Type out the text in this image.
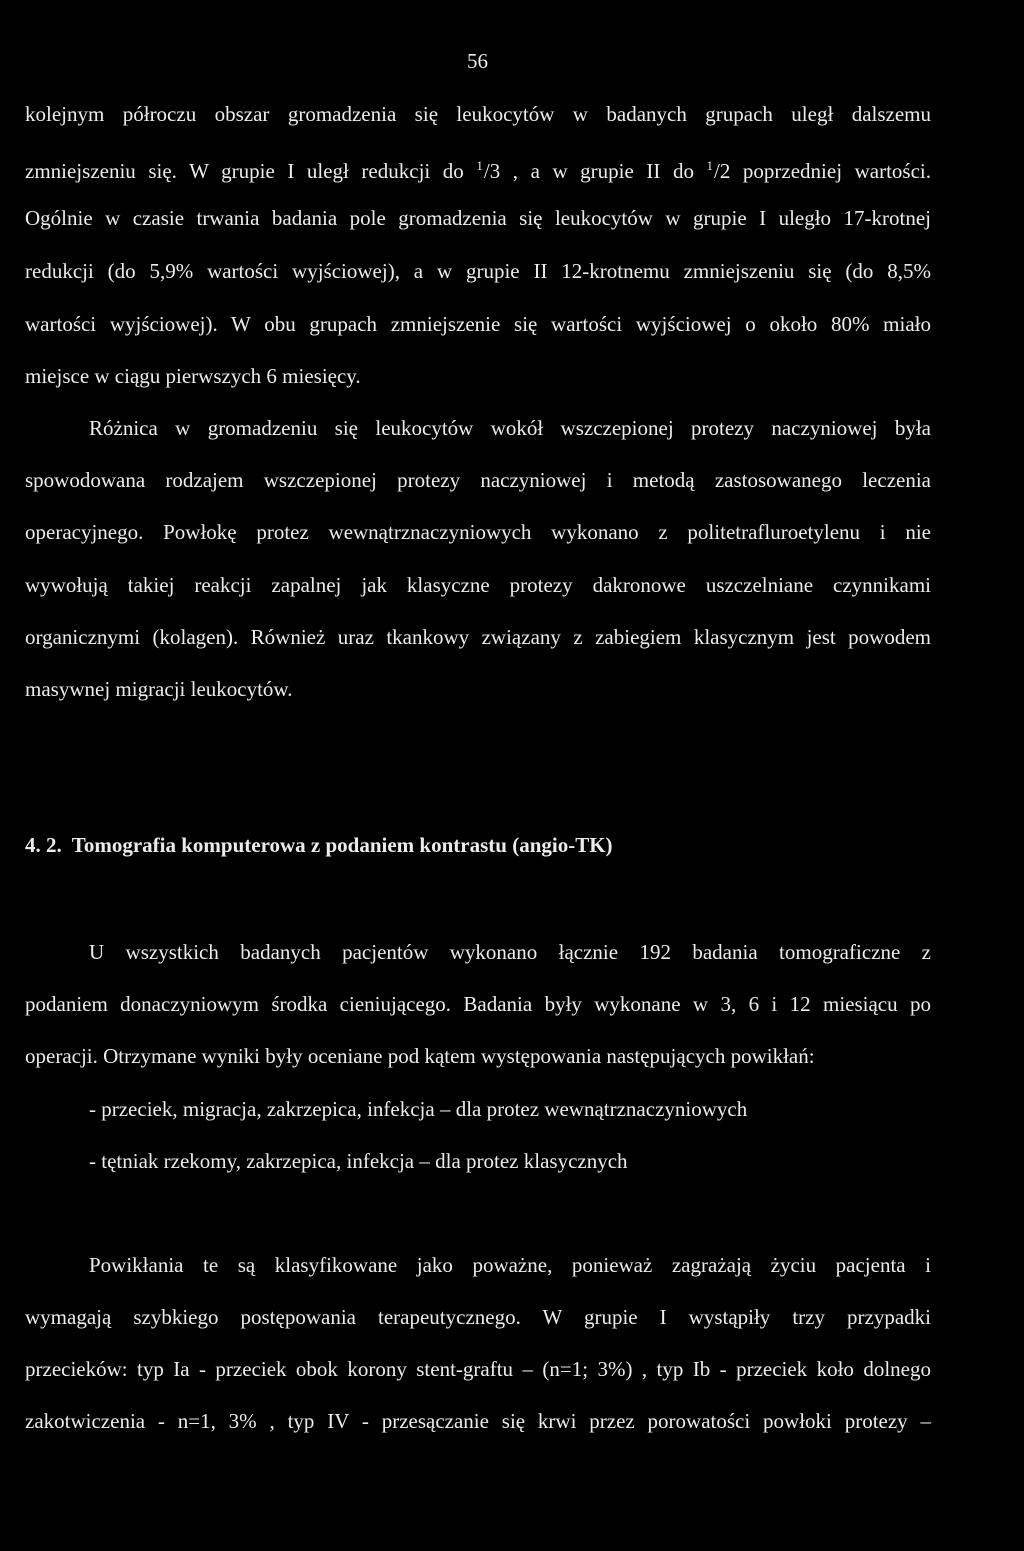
56
kolejnym półroczu obszar gromadzenia się leukocytów w badanych grupach uległ dalszemu
zmniejszeniu się. W grupie I uległ redukcji do $^1$/3 , a w grupie II do $^1$/2 poprzedniej wartości.
Ogólnie w czasie trwania badania pole gromadzenia się leukocytów w grupie I uległo 17-krotnej
redukcji (do 5,9% wartości wyjściowej), a w grupie II 12-krotnemu zmniejszeniu się (do 8,5%
wartości wyjściowej). W obu grupach zmniejszenie się wartości wyjściowej o około 80% miało
miejsce w ciągu pierwszych 6 miesięcy.
Różnica w gromadzeniu się leukocytów wokół wszczepionej protezy naczyniowej była
spowodowana rodzajem wszczepionej protezy naczyniowej i metodą zastosowanego leczenia
operacyjnego. Powłokę protez wewnątrznaczyniowych wykonano z politetrafluroetylenu i nie
wywołują takiej reakcji zapalnej jak klasyczne protezy dakronowe uszczelniane czynnikami
organicznymi (kolagen). Również uraz tkankowy związany z zabiegiem klasycznym jest powodem
masywnej migracji leukocytów.
4. 2. Tomografia komputerowa z podaniem kontrastu (angio-TK)
U wszystkich badanych pacjentów wykonano łącznie 192 badania tomograficzne z
podaniem donaczyniowym środka cieniującego. Badania były wykonane w 3, 6 i 12 miesiącu po
operacji. Otrzymane wyniki były oceniane pod kątem występowania następujących powikłań:
- przeciek, migracja, zakrzepica, infekcja – dla protez wewnątrznaczyniowych
- tętniak rzekomy, zakrzepica, infekcja – dla protez klasycznych
Powikłania te są klasyfikowane jako poważne, ponieważ zagrażają życiu pacjenta i
wymagają szybkiego postępowania terapeutycznego. W grupie I wystąpiły trzy przypadki
przecieków: typ Ia - przeciek obok korony stent-graftu – (n=1; 3%) , typ Ib - przeciek koło dolnego
zakotwiczenia - n=1, 3% , typ IV - przesączanie się krwi przez porowatości powłoki protezy –
